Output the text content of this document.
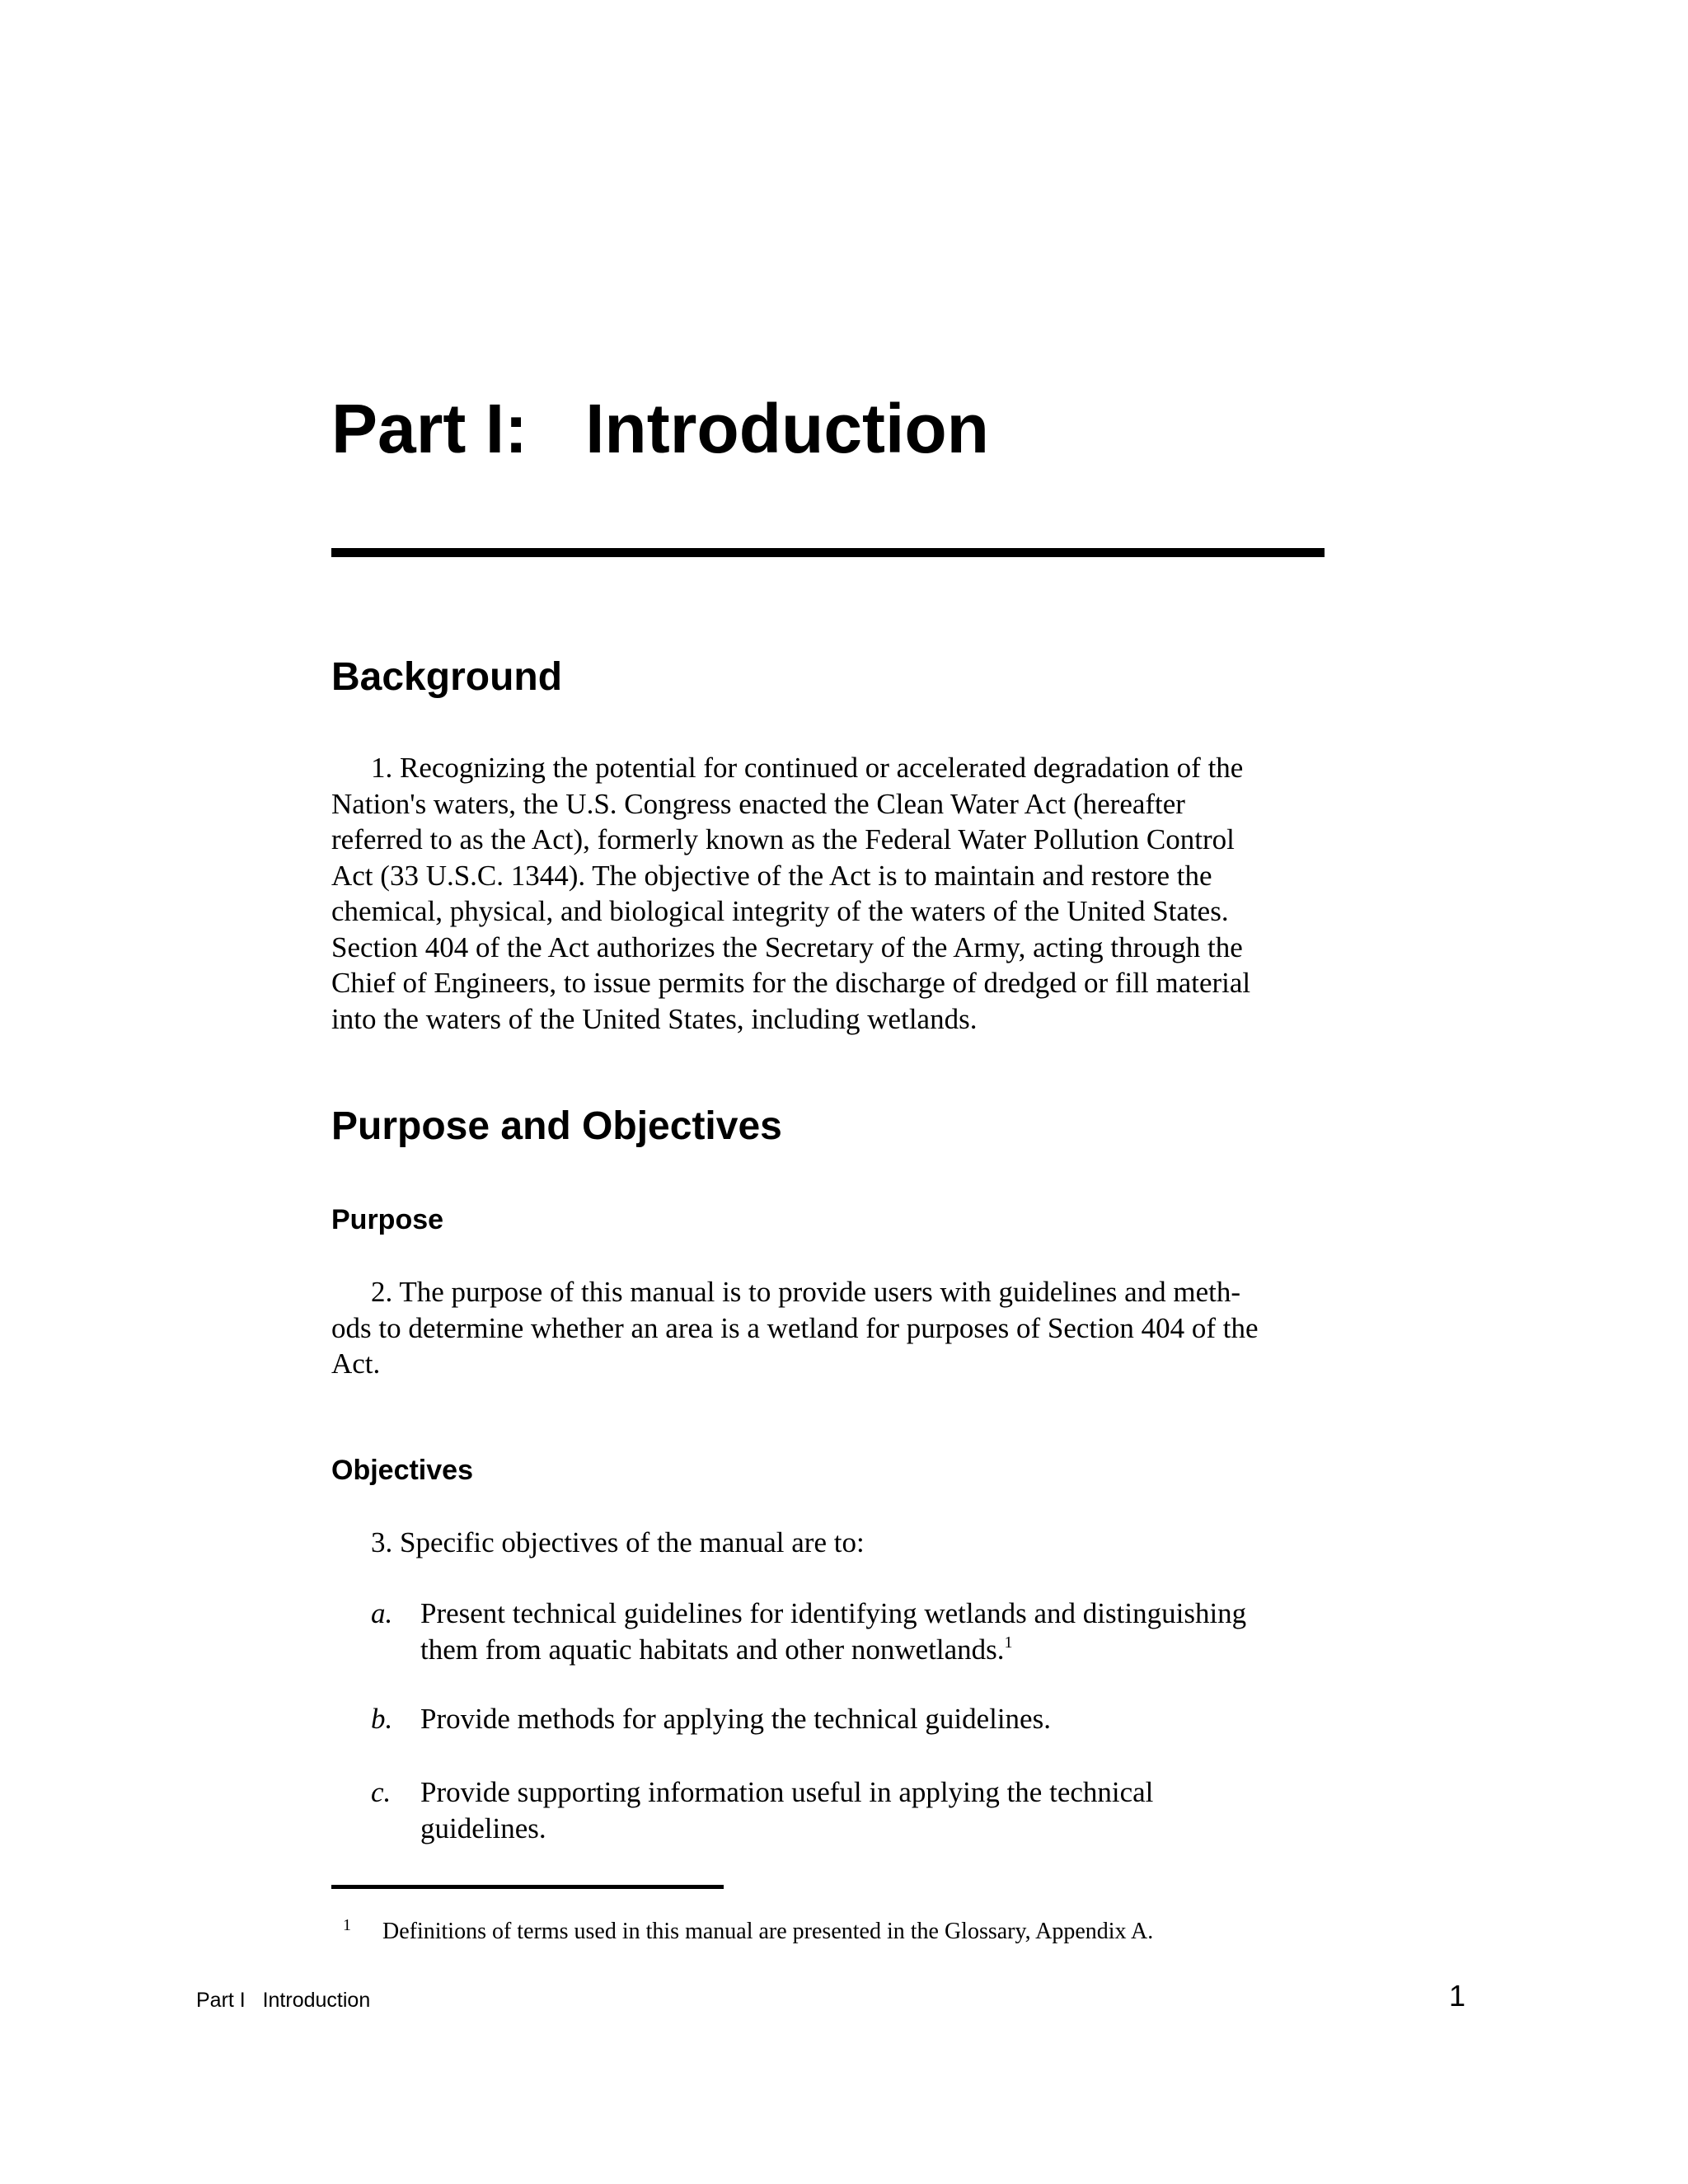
Part I: Introduction
Background

1. Recognizing the potential for continued or accelerated degradation of the
Nation's waters, the U.S. Congress enacted the Clean Water Act (hereafter
referred to as the Act), formerly known as the Federal Water Pollution Control
Act (33 U.S.C. 1344). The objective of the Act is to maintain and restore the
chemical, physical, and biological integrity of the waters of the United States.
Section 404 of the Act authorizes the Secretary of the Army, acting through the
Chief of Engineers, to issue permits for the discharge of dredged or fill material
into the waters of the United States, including wetlands.

Purpose and Objectives
Purpose

2. The purpose of this manual is to provide users with guidelines and meth-
ods to determine whether an area is a wetland for purposes of Section 404 of the
Act.

Objectives

3. Specific objectives of the manual are to:

a. Present technical guidelines for identifying wetlands and distinguishing
them from aquatic habitats and other nonwetlands.$^1$
b. Provide methods for applying the technical guidelines.
c. Provide supporting information useful in applying the technical
guidelines.
1 Definitions of terms used in this manual are presented in the Glossary, Appendix A.
Part I   Introduction	1
